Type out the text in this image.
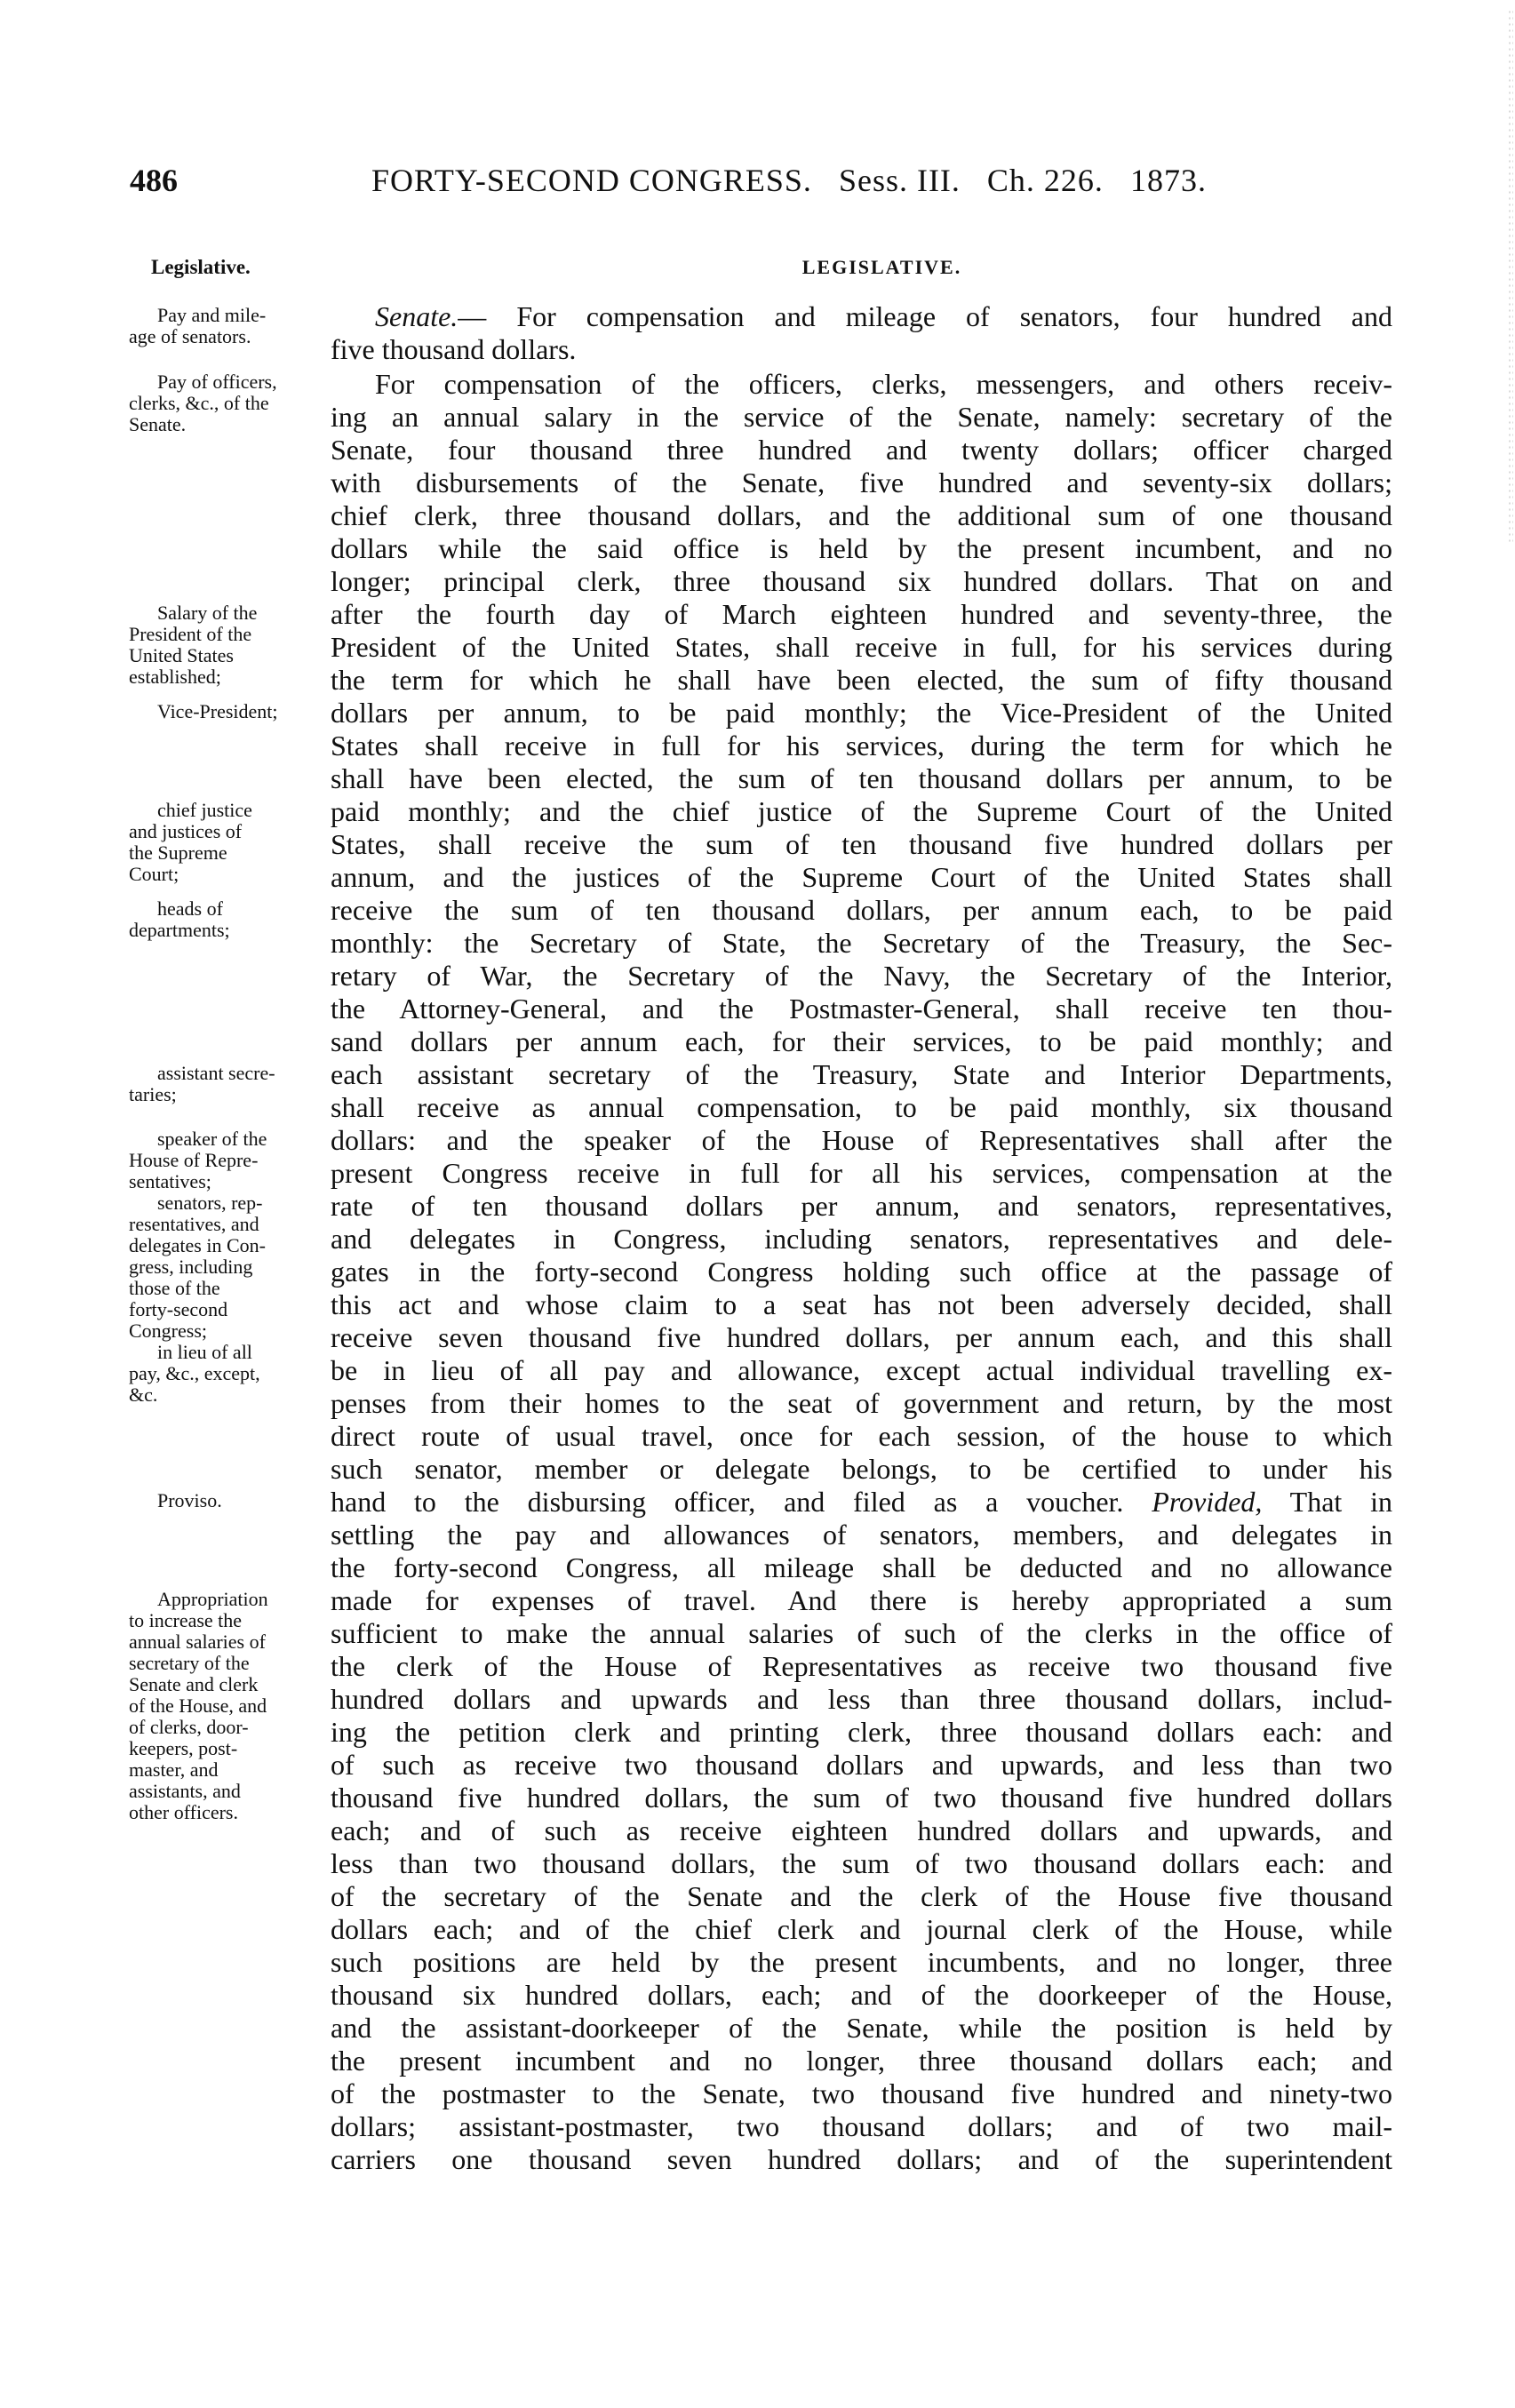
486	FORTY-SECOND CONGRESS. Sess. III. Ch. 226. 1873.
Legislative.	LEGISLATIVE.
Senate.— For compensation and mileage of senators, four hundred and
five thousand dollars.
For compensation of the officers, clerks, messengers, and others receiv-
ing an annual salary in the service of the Senate, namely: secretary of the
Senate, four thousand three hundred and twenty dollars; officer charged
with disbursements of the Senate, five hundred and seventy-six dollars;
chief clerk, three thousand dollars, and the additional sum of one thousand
dollars while the said office is held by the present incumbent, and no
longer; principal clerk, three thousand six hundred dollars. That on and
after the fourth day of March eighteen hundred and seventy-three, the
President of the United States, shall receive in full, for his services during
the term for which he shall have been elected, the sum of fifty thousand
dollars per annum, to be paid monthly; the Vice-President of the United
States shall receive in full for his services, during the term for which he
shall have been elected, the sum of ten thousand dollars per annum, to be
paid monthly; and the chief justice of the Supreme Court of the United
States, shall receive the sum of ten thousand five hundred dollars per
annum, and the justices of the Supreme Court of the United States shall
receive the sum of ten thousand dollars, per annum each, to be paid
monthly: the Secretary of State, the Secretary of the Treasury, the Sec-
retary of War, the Secretary of the Navy, the Secretary of the Interior,
the Attorney-General, and the Postmaster-General, shall receive ten thou-
sand dollars per annum each, for their services, to be paid monthly; and
each assistant secretary of the Treasury, State and Interior Departments,
shall receive as annual compensation, to be paid monthly, six thousand
dollars: and the speaker of the House of Representatives shall after the
present Congress receive in full for all his services, compensation at the
rate of ten thousand dollars per annum, and senators, representatives,
and delegates in Congress, including senators, representatives and dele-
gates in the forty-second Congress holding such office at the passage of
this act and whose claim to a seat has not been adversely decided, shall
receive seven thousand five hundred dollars, per annum each, and this shall
be in lieu of all pay and allowance, except actual individual travelling ex-
penses from their homes to the seat of government and return, by the most
direct route of usual travel, once for each session, of the house to which
such senator, member or delegate belongs, to be certified to under his
hand to the disbursing officer, and filed as a voucher. Provided, That in
settling the pay and allowances of senators, members, and delegates in
the forty-second Congress, all mileage shall be deducted and no allowance
made for expenses of travel. And there is hereby appropriated a sum
sufficient to make the annual salaries of such of the clerks in the office of
the clerk of the House of Representatives as receive two thousand five
hundred dollars and upwards and less than three thousand dollars, includ-
ing the petition clerk and printing clerk, three thousand dollars each: and
of such as receive two thousand dollars and upwards, and less than two
thousand five hundred dollars, the sum of two thousand five hundred dollars
each; and of such as receive eighteen hundred dollars and upwards, and
less than two thousand dollars, the sum of two thousand dollars each: and
of the secretary of the Senate and the clerk of the House five thousand
dollars each; and of the chief clerk and journal clerk of the House, while
such positions are held by the present incumbents, and no longer, three
thousand six hundred dollars, each; and of the doorkeeper of the House,
and the assistant-doorkeeper of the Senate, while the position is held by
the present incumbent and no longer, three thousand dollars each; and
of the postmaster to the Senate, two thousand five hundred and ninety-two
dollars; assistant-postmaster, two thousand dollars; and of two mail-
carriers one thousand seven hundred dollars; and of the superintendent
Pay and mile-
age of senators.
Pay of officers,
clerks, &c., of the
Senate.
Salary of the
President of the
United States
established;
Vice-President;
chief justice
and justices of
the Supreme
Court;
heads of
departments;
assistant secre-
taries;
speaker of the
House of Repre-
sentatives;
senators, rep-
resentatives, and
delegates in Con-
gress, including
those of the
forty-second
Congress;
in lieu of all
pay, &c., except,
&c.
Proviso.
Appropriation
to increase the
annual salaries of
secretary of the
Senate and clerk
of the House, and
of clerks, door-
keepers, post-
master, and
assistants, and
other officers.
